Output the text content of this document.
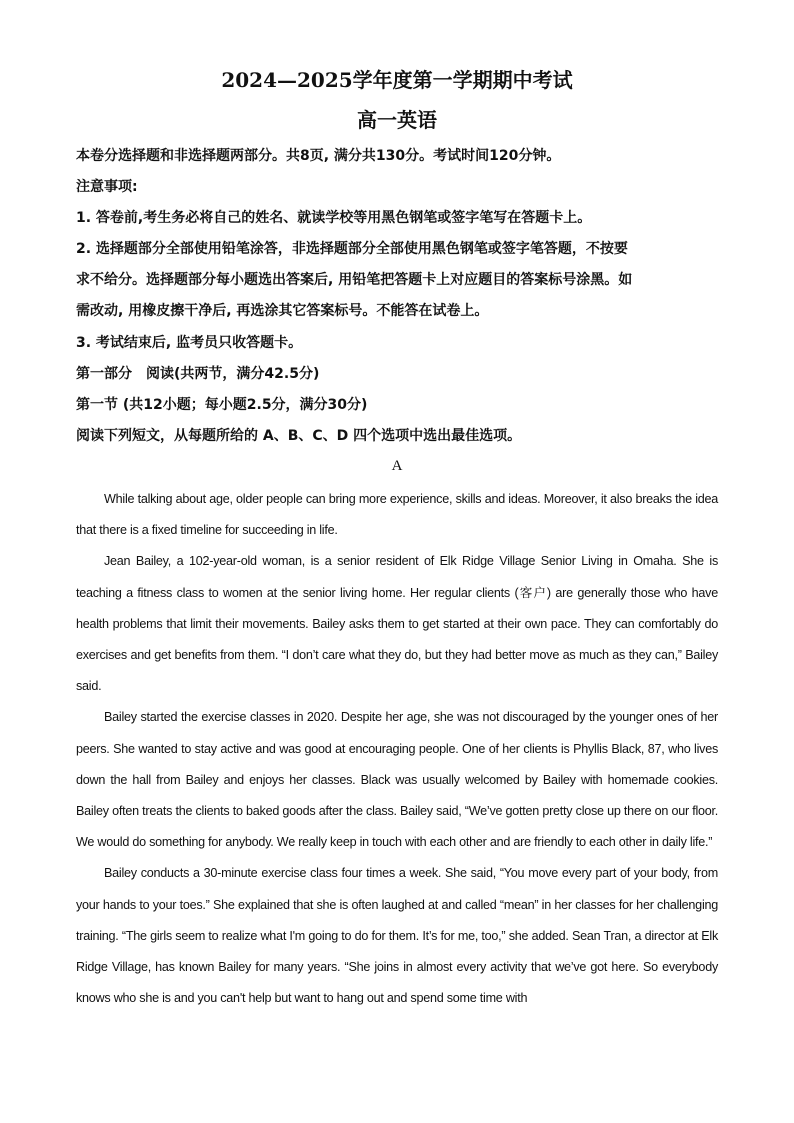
2024—2025学年度第一学期期中考试
高一英语
本卷分选择题和非选择题两部分。共8页, 满分共130分。考试时间120分钟。
注意事项:
1. 答卷前,考生务必将自己的姓名、就读学校等用黑色钢笔或签字笔写在答题卡上。
2. 选择题部分全部使用铅笔涂答，非选择题部分全部使用黑色钢笔或签字笔答题，不按要
求不给分。选择题部分每小题选出答案后, 用铅笔把答题卡上对应题目的答案标号涂黑。如
需改动, 用橡皮擦干净后, 再选涂其它答案标号。不能答在试卷上。
3. 考试结束后, 监考员只收答题卡。
第一部分　阅读(共两节，满分42.5分)
第一节 (共12小题；每小题2.5分，满分30分)
阅读下列短文，从每题所给的 A、B、C、D 四个选项中选出最佳选项。
A

While talking about age, older people can bring more experience, skills and ideas. Moreover, it also breaks the idea that there is a fixed timeline for succeeding in life.

Jean Bailey, a 102-year-old woman, is a senior resident of Elk Ridge Village Senior Living in Omaha. She is teaching a fitness class to women at the senior living home. Her regular clients (客户) are generally those who have health problems that limit their movements. Bailey asks them to get started at their own pace. They can comfortably do exercises and get benefits from them. “I don’t care what they do, but they had better move as much as they can,” Bailey said.

Bailey started the exercise classes in 2020. Despite her age, she was not discouraged by the younger ones of her peers. She wanted to stay active and was good at encouraging people. One of her clients is Phyllis Black, 87, who lives down the hall from Bailey and enjoys her classes. Black was usually welcomed by Bailey with homemade cookies. Bailey often treats the clients to baked goods after the class. Bailey said, “We’ve gotten pretty close up there on our floor. We would do something for anybody. We really keep in touch with each other and are friendly to each other in daily life.”

Bailey conducts a 30-minute exercise class four times a week. She said, “You move every part of your body, from your hands to your toes.” She explained that she is often laughed at and called “mean” in her classes for her challenging training. “The girls seem to realize what I'm going to do for them. It’s for me, too,” she added. Sean Tran, a director at Elk Ridge Village, has known Bailey for many years. “She joins in almost every activity that we’ve got here. So everybody knows who she is and you can't help but want to hang out and spend some time with
